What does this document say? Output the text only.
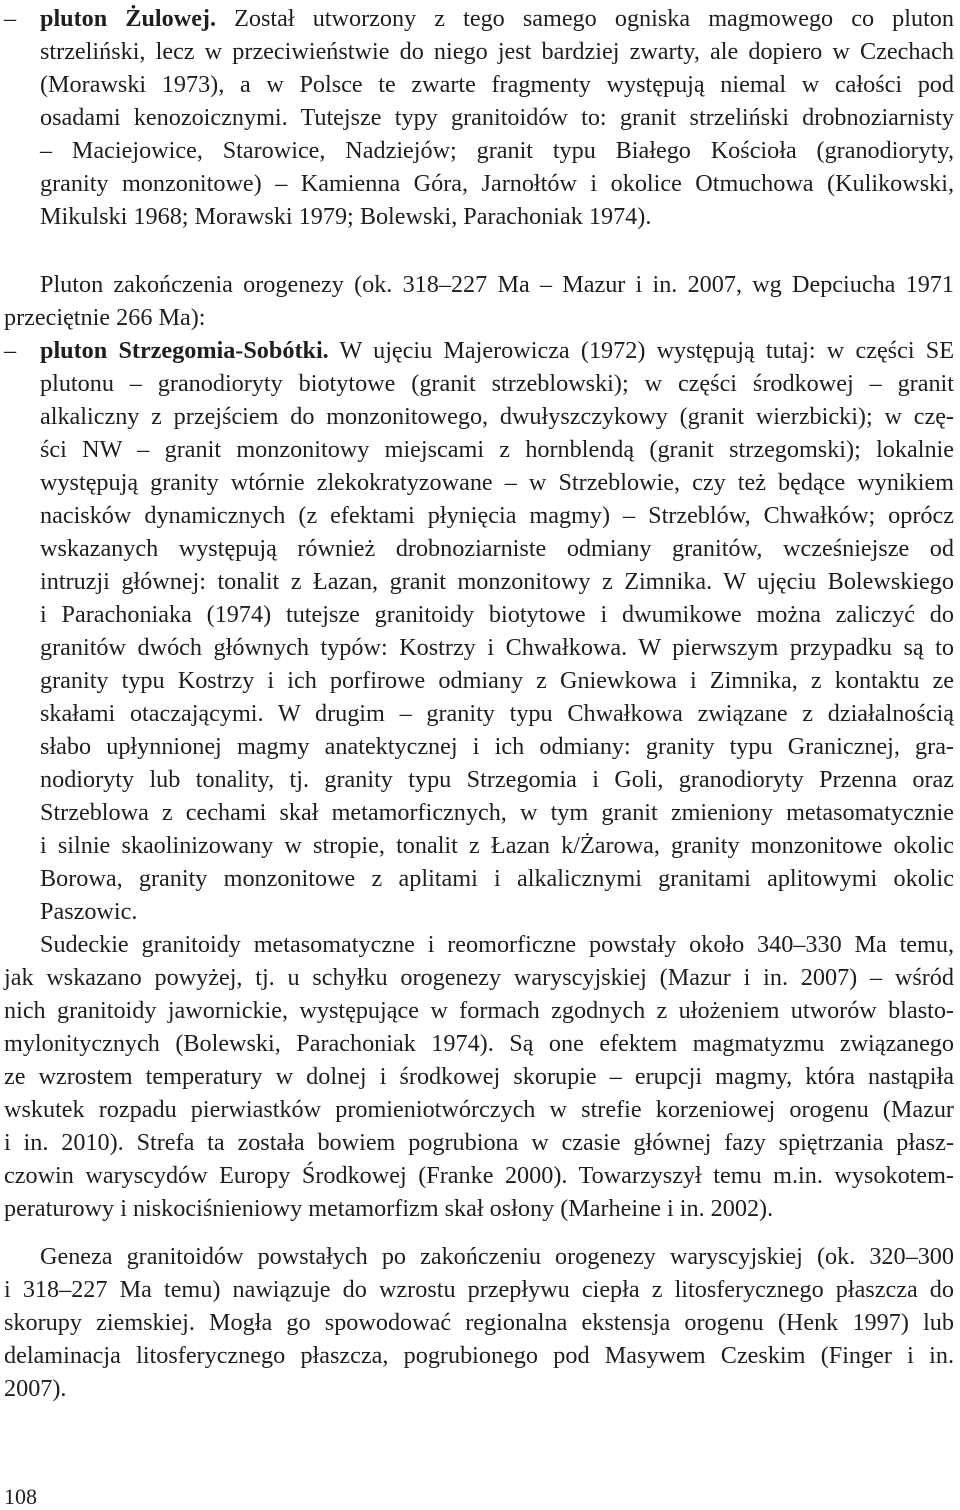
– pluton Żulowej. Został utworzony z tego samego ogniska magmowego co pluton
strzeliński, lecz w przeciwieństwie do niego jest bardziej zwarty, ale dopiero w Czechach
(Morawski 1973), a w Polsce te zwarte fragmenty występują niemal w całości pod
osadami kenozoicznymi. Tutejsze typy granitoidów to: granit strzeliński drobnoziarnisty
– Maciejowice, Starowice, Nadziejów; granit typu Białego Kościoła (granodioryty,
granity monzonitowe) – Kamienna Góra, Jarnołtów i okolice Otmuchowa (Kulikowski,
Mikulski 1968; Morawski 1979; Bolewski, Parachoniak 1974).
Pluton zakończenia orogenezy (ok. 318–227 Ma – Mazur i in. 2007, wg Depciucha 1971
przeciętnie 266 Ma):
– pluton Strzegomia-Sobótki. W ujęciu Majerowicza (1972) występują tutaj: w części SE
plutonu – granodioryty biotytowe (granit strzeblowski); w części środkowej – granit
alkaliczny z przejściem do monzonitowego, dwułyszczykowy (granit wierzbicki); w czę-
ści NW – granit monzonitowy miejscami z hornblendą (granit strzegomski); lokalnie
występują granity wtórnie zlekokratyzowane – w Strzeblowie, czy też będące wynikiem
nacisków dynamicznych (z efektami płynięcia magmy) – Strzeblów, Chwałków; oprócz
wskazanych występują również drobnoziarniste odmiany granitów, wcześniejsze od
intruzji głównej: tonalit z Łazan, granit monzonitowy z Zimnika. W ujęciu Bolewskiego
i Parachoniaka (1974) tutejsze granitoidy biotytowe i dwumikowe można zaliczyć do
granitów dwóch głównych typów: Kostrzy i Chwałkowa. W pierwszym przypadku są to
granity typu Kostrzy i ich porfirowe odmiany z Gniewkowa i Zimnika, z kontaktu ze
skałami otaczającymi. W drugim – granity typu Chwałkowa związane z działalnością
słabo upłynnionej magmy anatektycznej i ich odmiany: granity typu Granicznej, gra-
nodioryty lub tonality, tj. granity typu Strzegomia i Goli, granodioryty Przenna oraz
Strzeblowa z cechami skał metamorficznych, w tym granit zmieniony metasomatycznie
i silnie skaolinizowany w stropie, tonalit z Łazan k/Żarowa, granity monzonitowe okolic
Borowa, granity monzonitowe z aplitami i alkalicznymi granitami aplitowymi okolic
Paszowic.
Sudeckie granitoidy metasomatyczne i reomorficzne powstały około 340–330 Ma temu,
jak wskazano powyżej, tj. u schyłku orogenezy waryscyjskiej (Mazur i in. 2007) – wśród
nich granitoidy jawornickie, występujące w formach zgodnych z ułożeniem utworów blasto-
mylonitycznych (Bolewski, Parachoniak 1974). Są one efektem magmatyzmu związanego
ze wzrostem temperatury w dolnej i środkowej skorupie – erupcji magmy, która nastąpiła
wskutek rozpadu pierwiastków promieniotwórczych w strefie korzeniowej orogenu (Mazur
i in. 2010). Strefa ta została bowiem pogrubiona w czasie głównej fazy spiętrzania płasz-
czowin waryscydów Europy Środkowej (Franke 2000). Towarzyszył temu m.in. wysokotem-
peraturowy i niskociśnieniowy metamorfizm skał osłony (Marheine i in. 2002).
Geneza granitoidów powstałych po zakończeniu orogenezy waryscyjskiej (ok. 320–300
i 318–227 Ma temu) nawiązuje do wzrostu przepływu ciepła z litosferycznego płaszcza do
skorupy ziemskiej. Mogła go spowodować regionalna ekstensja orogenu (Henk 1997) lub
delaminacja litosferycznego płaszcza, pogrubionego pod Masywem Czeskim (Finger i in.
2007).
108
